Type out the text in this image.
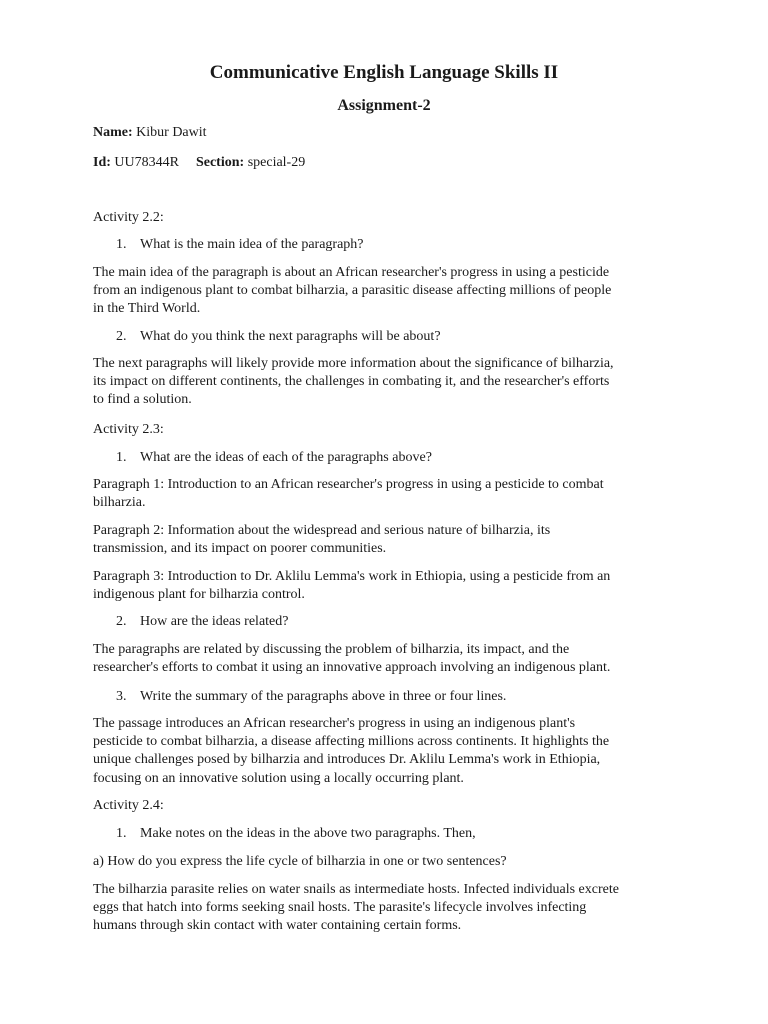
Communicative English Language Skills II
Assignment-2
Name: Kibur Dawit
Id: UU78344R Section: special-29
Activity 2.2:
1. What is the main idea of the paragraph?
The main idea of the paragraph is about an African researcher's progress in using a pesticide
from an indigenous plant to combat bilharzia, a parasitic disease affecting millions of people
in the Third World.
2. What do you think the next paragraphs will be about?
The next paragraphs will likely provide more information about the significance of bilharzia,
its impact on different continents, the challenges in combating it, and the researcher's efforts
to find a solution.
Activity 2.3:
1. What are the ideas of each of the paragraphs above?
Paragraph 1: Introduction to an African researcher's progress in using a pesticide to combat
bilharzia.
Paragraph 2: Information about the widespread and serious nature of bilharzia, its
transmission, and its impact on poorer communities.
Paragraph 3: Introduction to Dr. Aklilu Lemma's work in Ethiopia, using a pesticide from an
indigenous plant for bilharzia control.
2. How are the ideas related?
The paragraphs are related by discussing the problem of bilharzia, its impact, and the
researcher's efforts to combat it using an innovative approach involving an indigenous plant.
3. Write the summary of the paragraphs above in three or four lines.
The passage introduces an African researcher's progress in using an indigenous plant's
pesticide to combat bilharzia, a disease affecting millions across continents. It highlights the
unique challenges posed by bilharzia and introduces Dr. Aklilu Lemma's work in Ethiopia,
focusing on an innovative solution using a locally occurring plant.
Activity 2.4:
1. Make notes on the ideas in the above two paragraphs. Then,
a) How do you express the life cycle of bilharzia in one or two sentences?
The bilharzia parasite relies on water snails as intermediate hosts. Infected individuals excrete
eggs that hatch into forms seeking snail hosts. The parasite's lifecycle involves infecting
humans through skin contact with water containing certain forms.
